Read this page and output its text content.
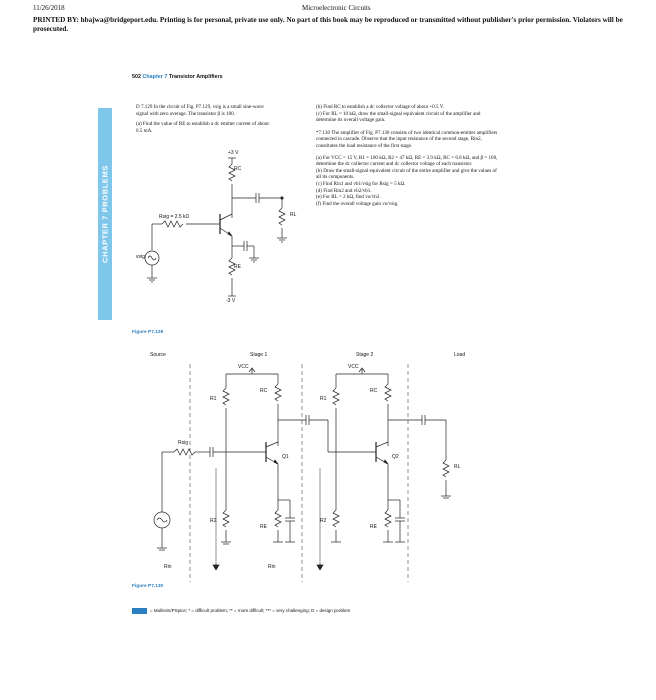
11/26/2018	Microelectronic Circuits
PRINTED BY: hbajwa@bridgeport.edu. Printing is for personal, private use only. No part of this book may be reproduced or transmitted without publisher's prior permission. Violators will be prosecuted.
CHAPTER 7 PROBLEMS
502 Chapter 7 Transistor Amplifiers
D 7.129 In the circuit of Fig. P7.129, vsig is a small sine-wave signal with zero average. The transistor β is 100.
(a) Find the value of RE to establish a dc emitter current of about 0.5 mA.
(b) Find RC to establish a dc collector voltage of about +0.5 V.
(c) For RL = 10 kΩ, draw the small-signal equivalent circuit of the amplifier and determine its overall voltage gain.
*7.130 The amplifier of Fig. P7.130 consists of two identical common-emitter amplifiers connected in cascade. Observe that the input resistance of the second stage, Rin2, constitutes the load resistance of the first stage.
(a) For VCC = 15 V, R1 = 100 kΩ, R2 = 47 kΩ, RE = 3.9 kΩ, RC = 6.8 kΩ, and β = 100, determine the dc collector current and dc collector voltage of each transistor.
(b) Draw the small-signal equivalent circuit of the entire amplifier and give the values of all its components.
(c) Find Rin1 and vb1/vsig for Rsig = 5 kΩ.
(d) Find Rin2 and vb2/vb1.
(e) For RL = 2 kΩ, find vo/vb2.
(f) Find the overall voltage gain vo/vsig.
+3 V
RC
Rsig = 2.5 kΩ	RL
vsig
RE
-3 V
Figure P7.129
Source	Stage 1	Stage 2	Load
VCC	VCC
R1
RC	RC
R1
Q1	Q2
Rsig
R2	R2
RE	RE
RL
Rin	Rin
Figure P7.130
= Multisim/PSpice; * = difficult problem; ** = more difficult; *** = very challenging; D = design problem
